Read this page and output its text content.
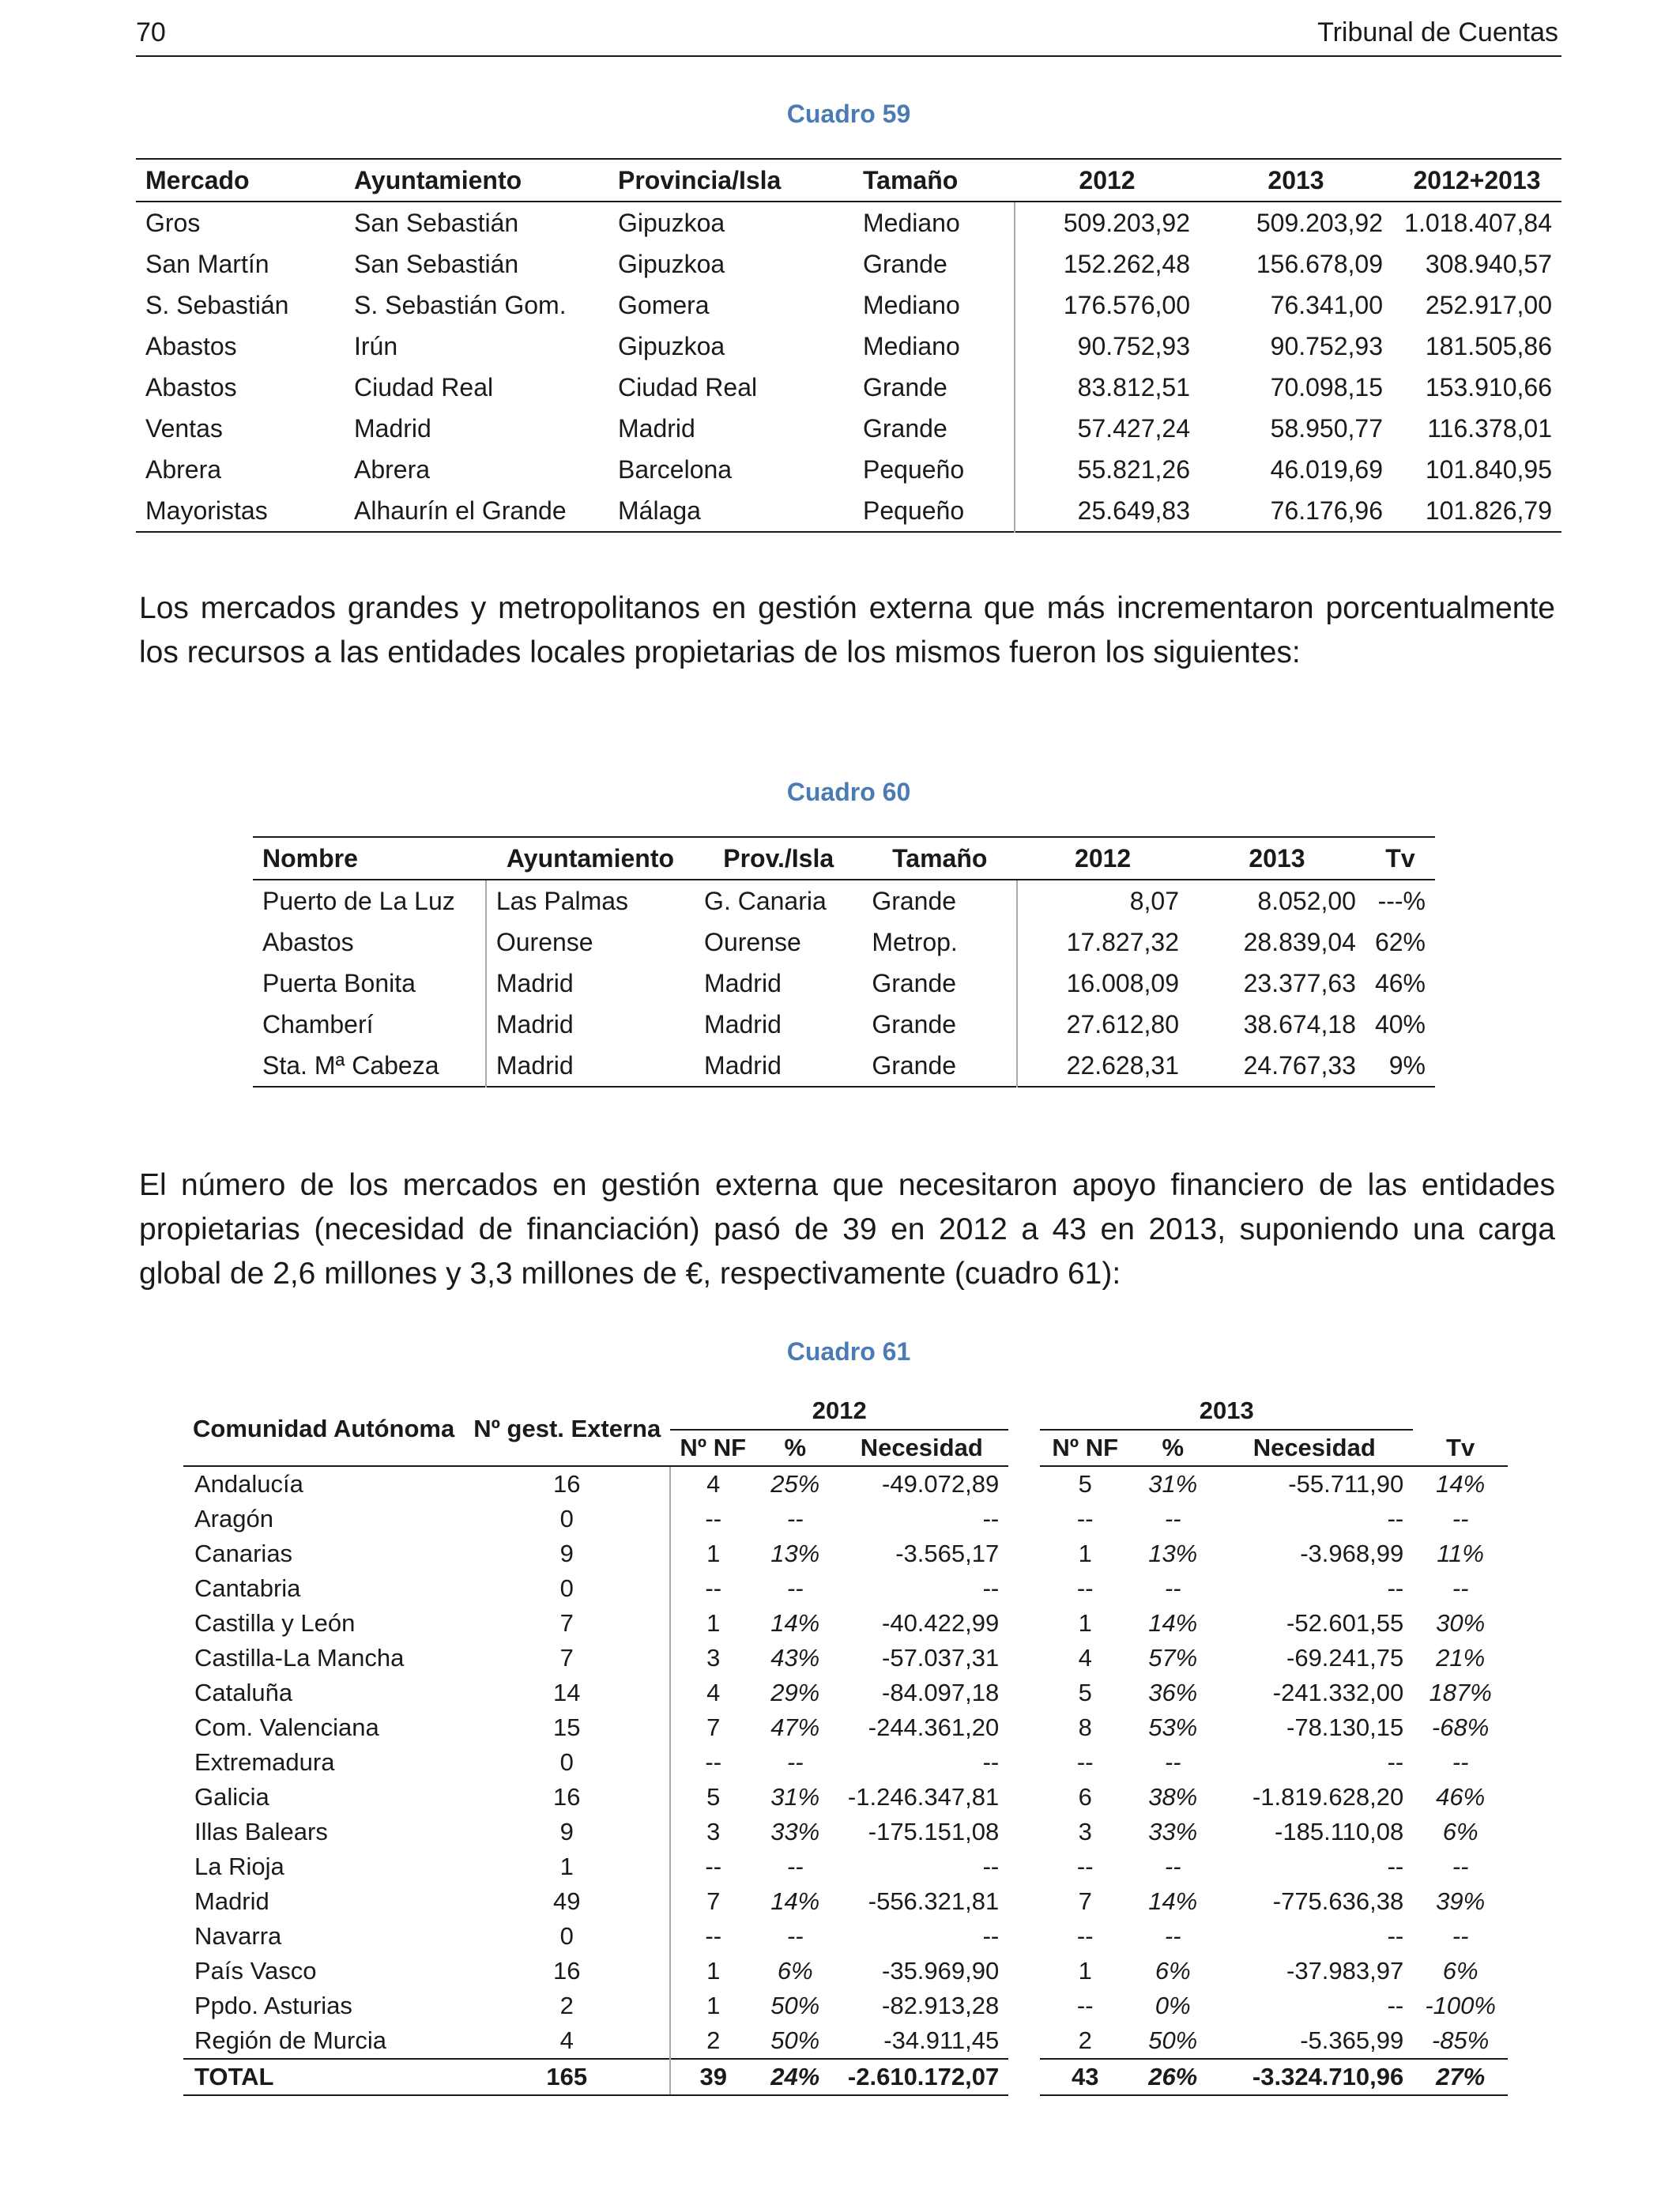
70	Tribunal de Cuentas
Cuadro 59
Mercado	Ayuntamiento	Provincia/Isla	Tamaño	2012	2013	2012+2013
Gros	San Sebastián	Gipuzkoa	Mediano	509.203,92	509.203,92	1.018.407,84
San Martín	San Sebastián	Gipuzkoa	Grande	152.262,48	156.678,09	308.940,57
S. Sebastián	S. Sebastián Gom.	Gomera	Mediano	176.576,00	76.341,00	252.917,00
Abastos	Irún	Gipuzkoa	Mediano	90.752,93	90.752,93	181.505,86
Abastos	Ciudad Real	Ciudad Real	Grande	83.812,51	70.098,15	153.910,66
Ventas	Madrid	Madrid	Grande	57.427,24	58.950,77	116.378,01
Abrera	Abrera	Barcelona	Pequeño	55.821,26	46.019,69	101.840,95
Mayoristas	Alhaurín el Grande	Málaga	Pequeño	25.649,83	76.176,96	101.826,79

Los mercados grandes y metropolitanos en gestión externa que más incrementaron porcentualmente los recursos a las entidades locales propietarias de los mismos fueron los siguientes:

Cuadro 60
Nombre	Ayuntamiento	Prov./Isla	Tamaño	2012	2013	Tv
Puerto de La Luz	Las Palmas	G. Canaria	Grande	8,07	8.052,00	---%
Abastos	Ourense	Ourense	Metrop.	17.827,32	28.839,04	62%
Puerta Bonita	Madrid	Madrid	Grande	16.008,09	23.377,63	46%
Chamberí	Madrid	Madrid	Grande	27.612,80	38.674,18	40%
Sta. Mª Cabeza	Madrid	Madrid	Grande	22.628,31	24.767,33	9%

El número de los mercados en gestión externa que necesitaron apoyo financiero de las entidades propietarias (necesidad de financiación) pasó de 39 en 2012 a 43 en 2013, suponiendo una carga global de 2,6 millones y 3,3 millones de €, respectivamente (cuadro 61):

Cuadro 61
Comunidad Autónoma	Nº gest. Externa	2012				2013			
		Nº NF	%	Necesidad		Nº NF	%	Necesidad		Tv
Andalucía	16	4	25%	-49.072,89		5	31%	-55.711,90		14%
Aragón	0	--	--	--		--	--	--		--
Canarias	9	1	13%	-3.565,17		1	13%	-3.968,99		11%
Cantabria	0	--	--	--		--	--	--		--
Castilla y León	7	1	14%	-40.422,99		1	14%	-52.601,55		30%
Castilla-La Mancha	7	3	43%	-57.037,31		4	57%	-69.241,75		21%
Cataluña	14	4	29%	-84.097,18		5	36%	-241.332,00		187%
Com. Valenciana	15	7	47%	-244.361,20		8	53%	-78.130,15		-68%
Extremadura	0	--	--	--		--	--	--		--
Galicia	16	5	31%	-1.246.347,81		6	38%	-1.819.628,20		46%
Illas Balears	9	3	33%	-175.151,08		3	33%	-185.110,08		6%
La Rioja	1	--	--	--		--	--	--		--
Madrid	49	7	14%	-556.321,81		7	14%	-775.636,38		39%
Navarra	0	--	--	--		--	--	--		--
País Vasco	16	1	6%	-35.969,90		1	6%	-37.983,97		6%
Ppdo. Asturias	2	1	50%	-82.913,28		--	0%	--		-100%
Región de Murcia	4	2	50%	-34.911,45		2	50%	-5.365,99		-85%
TOTAL	165	39	24%	-2.610.172,07		43	26%	-3.324.710,96		27%
